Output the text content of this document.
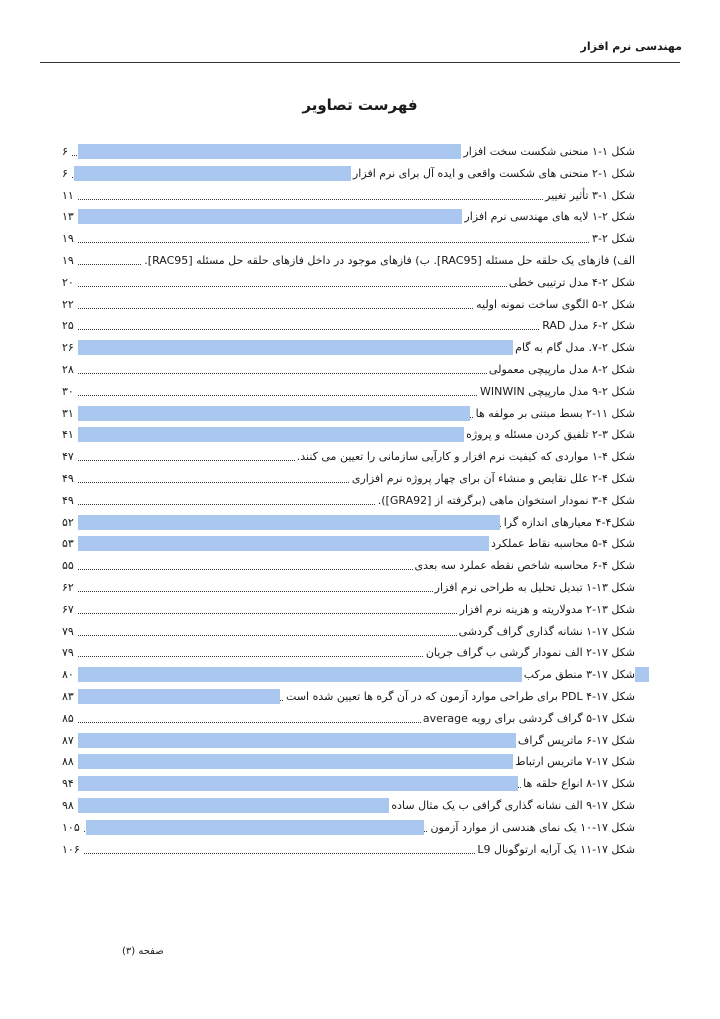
مهندسی نرم افزار
فهرست تصاویر
شکل ۱-۱ منحنی شکست سخت افزار
۶
شکل ۱-۲ منحنی های شکست واقعی و ایده آل برای نرم افزار
۶
شکل ۱-۳ تأثیر تغییر
۱۱
شکل ۲-۱ لایه های مهندسی نرم افزار
۱۳
شکل ۲-۳
۱۹
الف) فازهای یک حلقه حل مسئله [RAC95]. ب) فازهای موجود در داخل فازهای حلقه حل مسئله [RAC95].
۱۹
شکل ۲-۴ مدل ترتیبی خطی
۲۰
شکل ۲-۵ الگوی ساخت نمونه اولیه
۲۲
شکل ۲-۶ مدل RAD
۲۵
شکل ۲-۷. مدل گام به گام
۲۶
شکل ۲-۸ مدل مارپیچی معمولی
۲۸
شکل ۲-۹ مدل مارپیچی WINWIN
۳۰
شکل ۱۱-۲ بسط مبتنی بر مولفه ها
۳۱
شکل ۳-۲ تلفیق کردن مسئله و پروژه
۴۱
شکل ۴-۱ مواردی که کیفیت نرم افزار و کارآیی سازمانی را تعیین می کنند.
۴۷
شکل ۴-۲ علل نقایص و منشاء آن برای چهار پروژه نرم افزاری
۴۹
شکل ۴-۳ نمودار استخوان ماهی (برگرفته از [GRA92]).
۴۹
شکل۴-۴ معیارهای اندازه گرا
۵۲
شکل ۴-۵ محاسبه نقاط عملکرد
۵۳
شکل ۴-۶ محاسبه شاخص نقطه عملرد سه بعدی
۵۵
شکل ۱۳-۱ تبدیل تحلیل به طراحی نرم افزار
۶۲
شکل ۱۳-۲ مدولاریته و هزینه نرم افزار
۶۷
شکل ۱۷-۱ نشانه گذاری گراف گردشی
۷۹
شکل ۱۷-۲ الف نمودار گرشی ب گراف جریان
۷۹
شکل ۱۷-۳ منطق مرکب
۸۰
شکل ۱۷-۴ PDL برای طراحی موارد آزمون که در آن گره ها تعیین شده است
۸۳
شکل ۱۷-۵ گراف گردشی برای رویه average
۸۵
شکل ۱۷-۶ ماتریس گراف
۸۷
شکل ۱۷-۷ ماتریس ارتباط
۸۸
شکل ۱۷-۸ انواع حلقه ها
۹۴
شکل ۱۷-۹ الف نشانه گذاری گرافی ب یک مثال ساده
۹۸
شکل ۱۷-۱۰ یک نمای هندسی از موارد آزمون
۱۰۵
شکل ۱۷-۱۱ یک آرایه ارتوگونال L9
۱۰۶
صفحه (۳)
